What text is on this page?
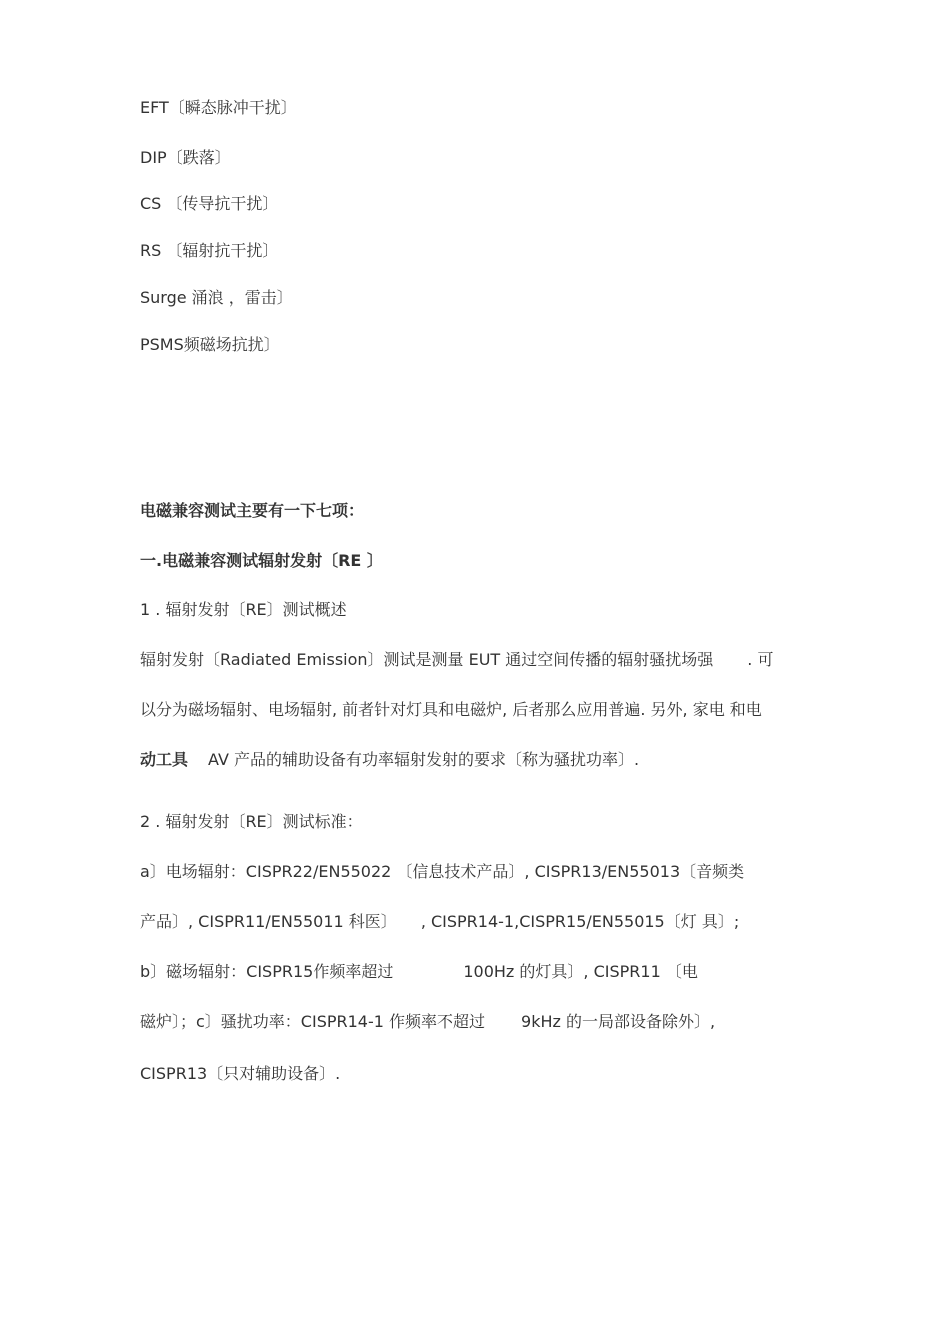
EFT〔瞬态脉冲干扰〕
DIP〔跌落〕
CS 〔传导抗干扰〕
RS 〔辐射抗干扰〕
Surge 涌浪 ，雷击〕
PSMS频磁场抗扰〕
电磁兼容测试主要有一下七项：
一.电磁兼容测试辐射发射〔RE 〕
1 . 辐射发射〔RE〕测试概述
辐射发射〔Radiated Emission〕测试是测量 EUT 通过空间传播的辐射骚扰场强 . 可
以分为磁场辐射、电场辐射, 前者针对灯具和电磁炉, 后者那么应用普遍. 另外, 家电 和电
动工具 AV 产品的辅助设备有功率辐射发射的要求〔称为骚扰功率〕.
2 . 辐射发射〔RE〕测试标准：
a〕电场辐射：CISPR22/EN55022 〔信息技术产品〕, CISPR13/EN55013〔音频类
产品〕, CISPR11/EN55011 科医〕 , CISPR14-1,CISPR15/EN55015〔灯 具〕;
b〕磁场辐射：CISPR15作频率超过	100Hz 的灯具〕, CISPR11 〔电
磁炉〕；c〕骚扰功率：CISPR14-1 作频率不超过 9kHz 的一局部设备除外〕,
CISPR13〔只对辅助设备〕.
